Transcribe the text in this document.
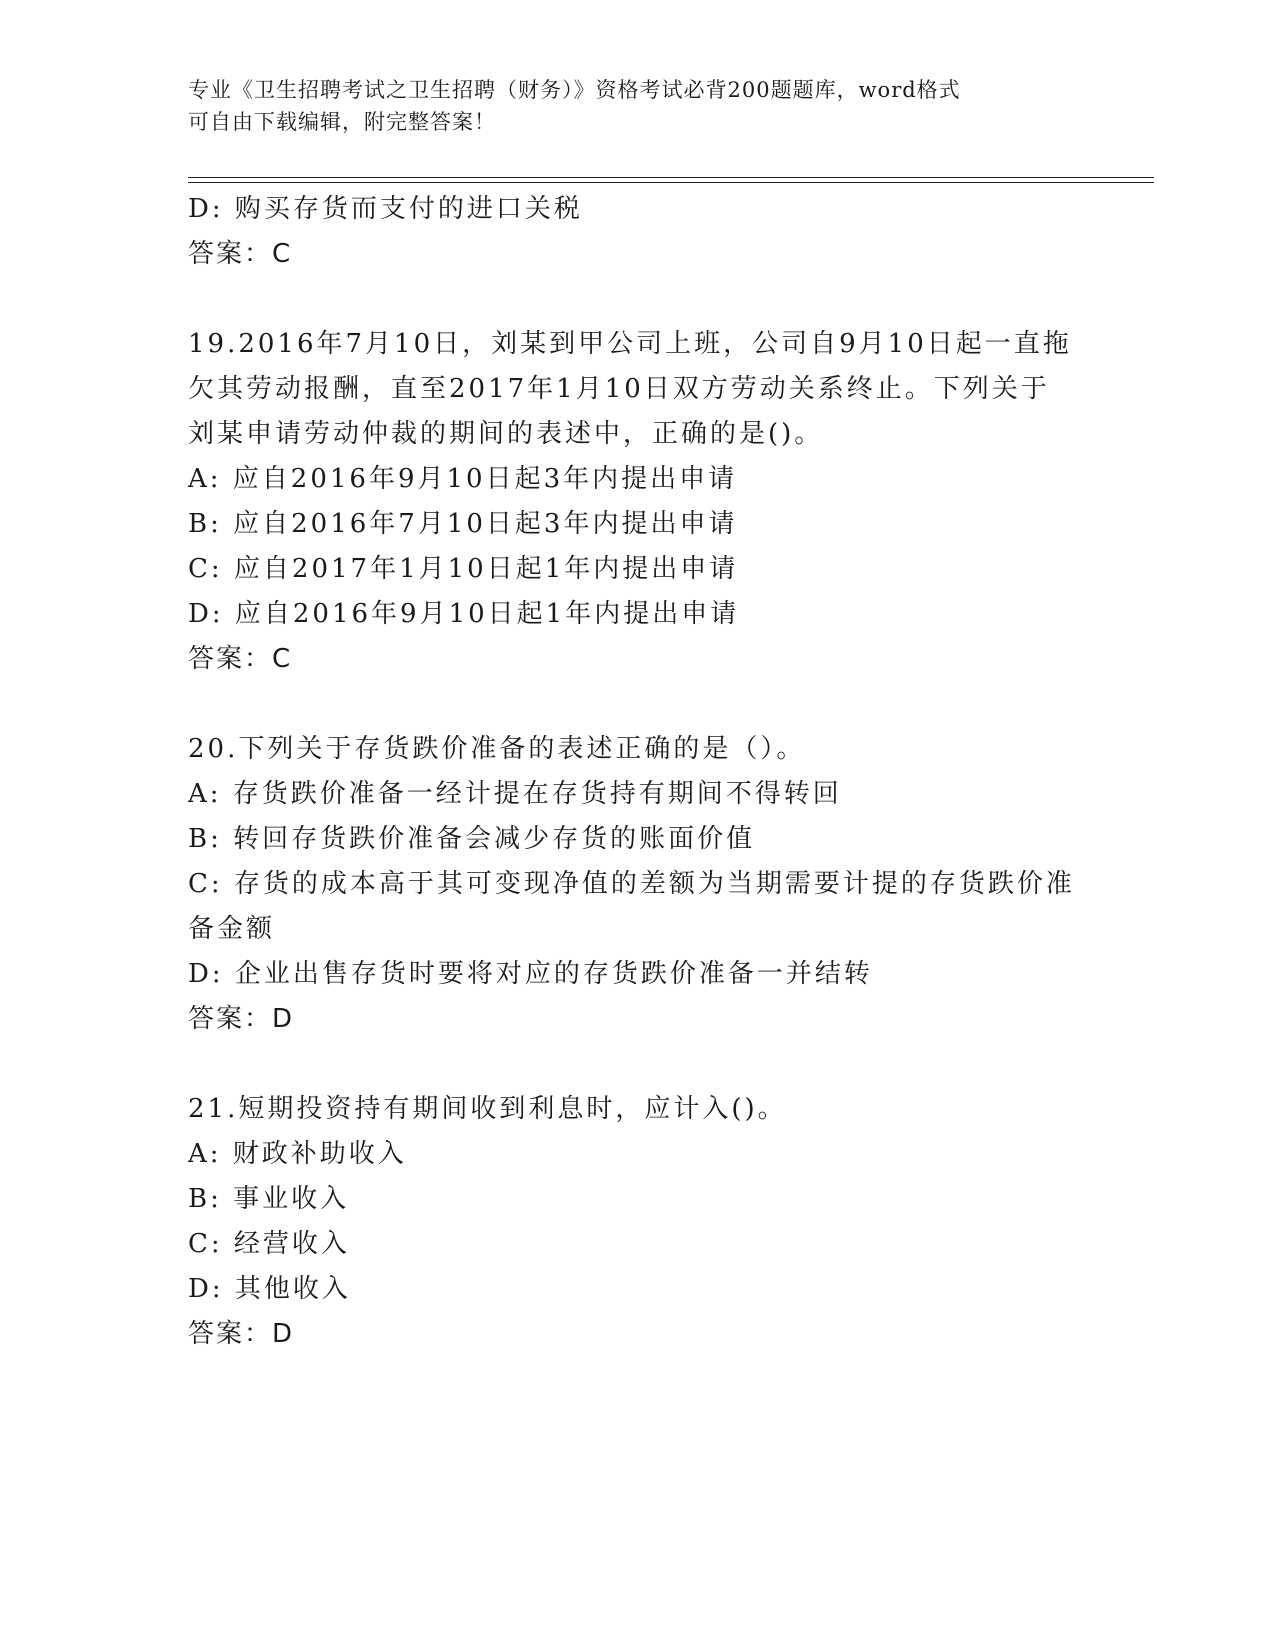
专业《卫生招聘考试之卫生招聘（财务）》资格考试必背200题题库，word格式
可自由下载编辑，附完整答案！

D: 购买存货而支付的进口关税

答案：C

19.2016年7月10日，刘某到甲公司上班，公司自9月10日起一直拖

欠其劳动报酬，直至2017年1月10日双方劳动关系终止。下列关于

刘某申请劳动仲裁的期间的表述中，正确的是()。

A: 应自2016年9月10日起3年内提出申请

B: 应自2016年7月10日起3年内提出申请

C: 应自2017年1月10日起1年内提出申请

D: 应自2016年9月10日起1年内提出申请

答案：C

20.下列关于存货跌价准备的表述正确的是（）。

A: 存货跌价准备一经计提在存货持有期间不得转回

B: 转回存货跌价准备会减少存货的账面价值

C: 存货的成本高于其可变现净值的差额为当期需要计提的存货跌价准

备金额

D: 企业出售存货时要将对应的存货跌价准备一并结转

答案：D

21.短期投资持有期间收到利息时，应计入()。

A: 财政补助收入

B: 事业收入

C: 经营收入

D: 其他收入

答案：D
